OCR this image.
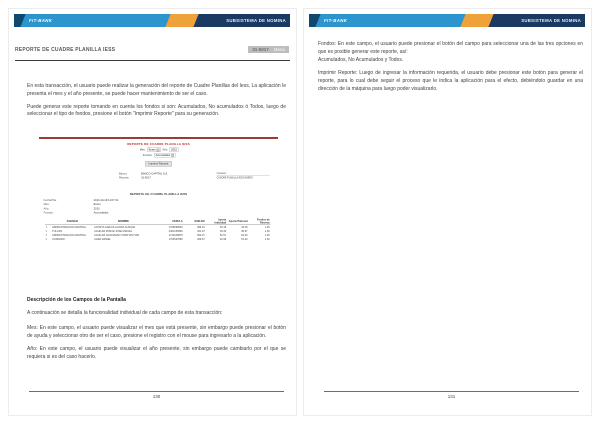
FIT-BANK	SUBSISTEMA DE NOMINA
REPORTE DE CUADRE PLANILLA IESS	31-5017 Menú

En esta transacción, el usuario puede realizar la generación del reporte de Cuadre Planillas del Iess. La aplicación le presenta el mes y el año presente, se puede hacer mantenimiento de ser el caso.

Puede generar este reporte tomando en cuenta los fondos si son: Acumulados, No acumulados ó Todos, luego de seleccionar el tipo de fondos, presione el botón "Imprimir Reporte" para su generación.

REPORTE DE CUADRE PLANILLA IESS
Mes: Enero Año: 2010
Fondos: Acumulados
Imprimir Reporte
Banco: BANCO CAPITAL S.A.
Reporte: 31-5017
Usuario:
CUADRE PLANILLA IESS ENERO
REPORTE DE CUADRE PLANILLA IESS
Fecha/Hra:	2010-10-19 11:07:31
Mes:	Enero
Año:	2010
Fondos:	Acumulados
	AGENCIA	NOMBRE	CEDULA	SUELDO	Aporte Individual	Aporte Patronal	Fondos de Reserva
1	ADMINISTRACION CENTRAL	ACOSTA GARCIA GLORIA SUSANA	1708098694	386.91	36.16	43.08	1.36
2	TULCAN	AGUILAR PONCE JOSE MIGUEL	0401235566	421.67	39.43	46.97	1.36
3	ADMINISTRACION CENTRAL	AGUILAR VALDIVIESO CRISTIAN IVAN	1712045878	562.27	52.57	62.63	1.36
4	CONDADO	AGRA DANIEL	1704567890	459.67	42.98	51.20	1.36
Descripción de los Campos de la Pantalla

A continuación se detalla la funcionalidad individual de cada campo de esta transacción:

Mes: En este campo, el usuario puede visualizar el mes que está presente, sin embargo puede presionar el botón de ayuda y seleccionar otro de ser el caso, presione el registro con el mouse para ingresarlo a la aplicación.

Año: En este campo, el usuario puede visualizar el año presente, sin embargo puede cambiarlo por el que se requiera si es del caso hacerlo.

130
FIT-BANK	SUBSISTEMA DE NOMINA

Fondos: En este campo, el usuario puede presionar el botón del campo para seleccionar una de las tres opciones en que es posible generar este reporte, así:

Acumulados, No Acumulados y Todos.

Imprimir Reporte: Luego de ingresar la información requerida, el usuario debe presionar este botón para generar el reporte, para lo cual debe seguir el proceso que le indica la aplicación para el efecto, debiéndolo guardar en una dirección de la máquina para luego poder visualizarlo.

131
